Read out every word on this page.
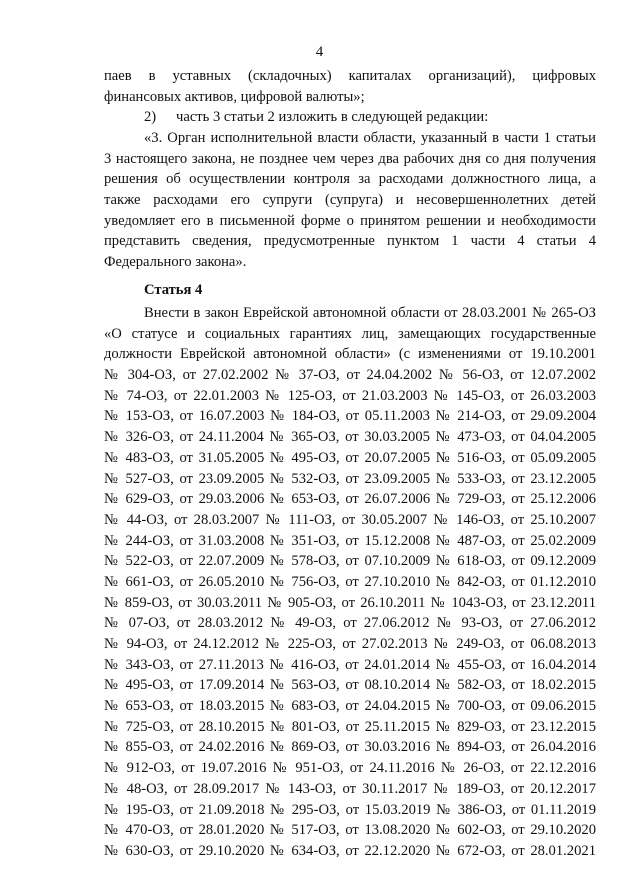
4
паев в уставных (складочных) капиталах организаций), цифровых
финансовых активов, цифровой валюты»;
2) часть 3 статьи 2 изложить в следующей редакции:
«3. Орган исполнительной власти области, указанный в части 1 статьи
3 настоящего закона, не позднее чем через два рабочих дня со дня получения
решения об осуществлении контроля за расходами должностного лица, а
также расходами его супруги (супруга) и несовершеннолетних детей
уведомляет его в письменной форме о принятом решении и необходимости
представить сведения, предусмотренные пунктом 1 части 4 статьи 4
Федерального закона».
Статья 4
Внести в закон Еврейской автономной области от 28.03.2001 № 265-ОЗ
«О статусе и социальных гарантиях лиц, замещающих государственные
должности Еврейской автономной области» (с изменениями от 19.10.2001
№ 304-ОЗ, от 27.02.2002 № 37-ОЗ, от 24.04.2002 № 56-ОЗ, от 12.07.2002
№ 74-ОЗ, от 22.01.2003 № 125-ОЗ, от 21.03.2003 № 145-ОЗ, от 26.03.2003
№ 153-ОЗ, от 16.07.2003 № 184-ОЗ, от 05.11.2003 № 214-ОЗ, от 29.09.2004
№ 326-ОЗ, от 24.11.2004 № 365-ОЗ, от 30.03.2005 № 473-ОЗ, от 04.04.2005
№ 483-ОЗ, от 31.05.2005 № 495-ОЗ, от 20.07.2005 № 516-ОЗ, от 05.09.2005
№ 527-ОЗ, от 23.09.2005 № 532-ОЗ, от 23.09.2005 № 533-ОЗ, от 23.12.2005
№ 629-ОЗ, от 29.03.2006 № 653-ОЗ, от 26.07.2006 № 729-ОЗ, от 25.12.2006
№ 44-ОЗ, от 28.03.2007 № 111-ОЗ, от 30.05.2007 № 146-ОЗ, от 25.10.2007
№ 244-ОЗ, от 31.03.2008 № 351-ОЗ, от 15.12.2008 № 487-ОЗ, от 25.02.2009
№ 522-ОЗ, от 22.07.2009 № 578-ОЗ, от 07.10.2009 № 618-ОЗ, от 09.12.2009
№ 661-ОЗ, от 26.05.2010 № 756-ОЗ, от 27.10.2010 № 842-ОЗ, от 01.12.2010
№ 859-ОЗ, от 30.03.2011 № 905-ОЗ, от 26.10.2011 № 1043-ОЗ, от 23.12.2011
№ 07-ОЗ, от 28.03.2012 № 49-ОЗ, от 27.06.2012 № 93-ОЗ, от 27.06.2012
№ 94-ОЗ, от 24.12.2012 № 225-ОЗ, от 27.02.2013 № 249-ОЗ, от 06.08.2013
№ 343-ОЗ, от 27.11.2013 № 416-ОЗ, от 24.01.2014 № 455-ОЗ, от 16.04.2014
№ 495-ОЗ, от 17.09.2014 № 563-ОЗ, от 08.10.2014 № 582-ОЗ, от 18.02.2015
№ 653-ОЗ, от 18.03.2015 № 683-ОЗ, от 24.04.2015 № 700-ОЗ, от 09.06.2015
№ 725-ОЗ, от 28.10.2015 № 801-ОЗ, от 25.11.2015 № 829-ОЗ, от 23.12.2015
№ 855-ОЗ, от 24.02.2016 № 869-ОЗ, от 30.03.2016 № 894-ОЗ, от 26.04.2016
№ 912-ОЗ, от 19.07.2016 № 951-ОЗ, от 24.11.2016 № 26-ОЗ, от 22.12.2016
№ 48-ОЗ, от 28.09.2017 № 143-ОЗ, от 30.11.2017 № 189-ОЗ, от 20.12.2017
№ 195-ОЗ, от 21.09.2018 № 295-ОЗ, от 15.03.2019 № 386-ОЗ, от 01.11.2019
№ 470-ОЗ, от 28.01.2020 № 517-ОЗ, от 13.08.2020 № 602-ОЗ, от 29.10.2020
№ 630-ОЗ, от 29.10.2020 № 634-ОЗ, от 22.12.2020 № 672-ОЗ, от 28.01.2021
